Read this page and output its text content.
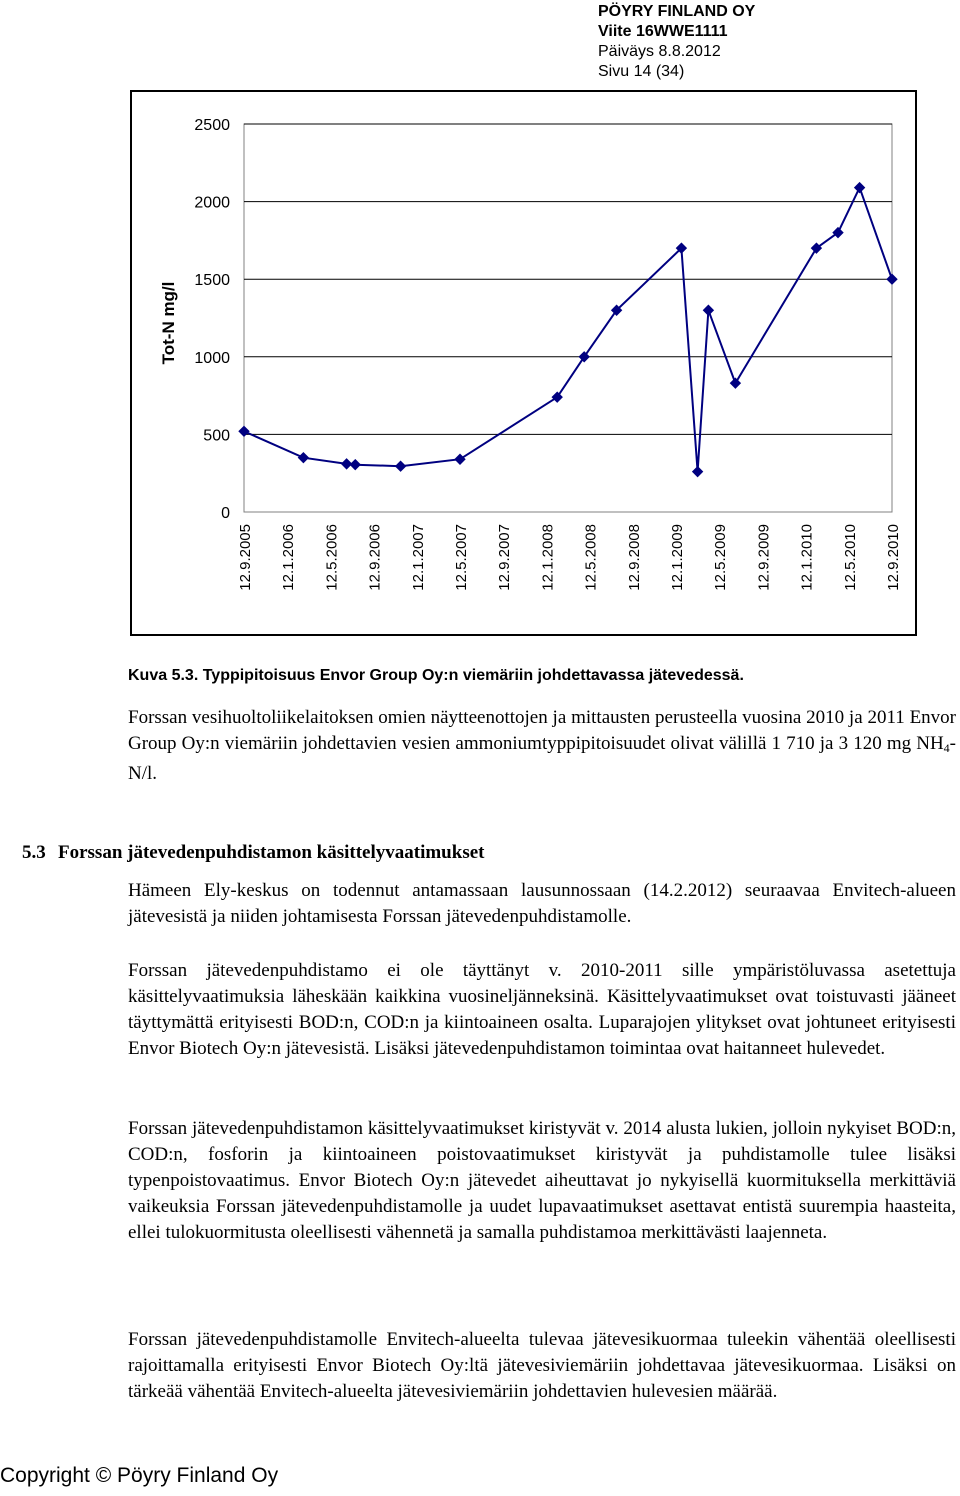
PÖYRY FINLAND OY
Viite 16WWE1111
Päiväys 8.8.2012
Sivu 14 (34)
0
500
1000
1500
2000
2500
Tot-N mg/l
12.9.2005 12.1.2006 12.5.2006 12.9.2006 12.1.2007 12.5.2007 12.9.2007 12.1.2008 12.5.2008 12.9.2008 12.1.2009 12.5.2009 12.9.2009 12.1.2010 12.5.2010 12.9.2010
Kuva 5.3. Typpipitoisuus Envor Group Oy:n viemäriin johdettavassa jätevedessä.

Forssan vesihuoltoliikelaitoksen omien näytteenottojen ja mittausten perusteella vuosina 2010 ja 2011 Envor Group Oy:n viemäriin johdettavien vesien ammoniumtyppipitoisuudet olivat välillä 1 710 ja 3 120 mg $NH_4-N/l$.

5.3 Forssan jätevedenpuhdistamon käsittelyvaatimukset

Hämeen Ely-keskus on todennut antamassaan lausunnossaan (14.2.2012) seuraavaa Envitech-alueen jätevesistä ja niiden johtamisesta Forssan jätevedenpuhdistamolle.

Forssan jätevedenpuhdistamo ei ole täyttänyt v. 2010-2011 sille ympäristöluvassa asetettuja käsittelyvaatimuksia läheskään kaikkina vuosineljänneksinä. Käsittelyvaatimukset ovat toistuvasti jääneet täyttymättä erityisesti BOD:n, COD:n ja kiintoaineen osalta. Luparajojen ylitykset ovat johtuneet erityisesti Envor Biotech Oy:n jätevesistä. Lisäksi jätevedenpuhdistamon toimintaa ovat haitanneet hulevedet.

Forssan jätevedenpuhdistamon käsittelyvaatimukset kiristyvät v. 2014 alusta lukien, jolloin nykyiset BOD:n, COD:n, fosforin ja kiintoaineen poistovaatimukset kiristyvät ja puhdistamolle tulee lisäksi typenpoistovaatimus. Envor Biotech Oy:n jätevedet aiheuttavat jo nykyisellä kuormituksella merkittäviä vaikeuksia Forssan jätevedenpuhdistamolle ja uudet lupavaatimukset asettavat entistä suurempia haasteita, ellei tulokuormitusta oleellisesti vähennetä ja samalla puhdistamoa merkittävästi laajenneta.

Forssan jätevedenpuhdistamolle Envitech-alueelta tulevaa jätevesikuormaa tuleekin vähentää oleellisesti rajoittamalla erityisesti Envor Biotech Oy:ltä jätevesiviemäriin johdettavaa jätevesikuormaa. Lisäksi on tärkeää vähentää Envitech-alueelta jätevesiviemäriin johdettavien hulevesien määrää.

Copyright © Pöyry Finland Oy
